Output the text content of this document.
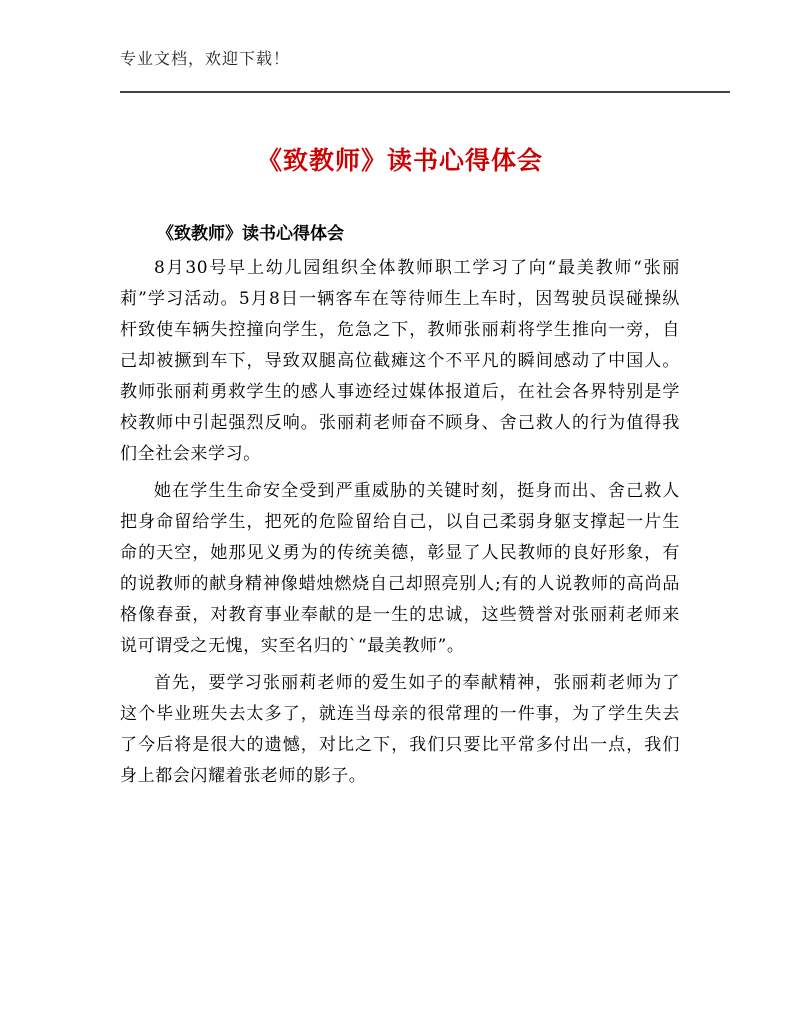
专业文档，欢迎下载！
《致教师》读书心得体会

《致教师》读书心得体会

8月30号早上幼儿园组织全体教师职工学习了向“最美教师“张丽莉”学习活动。5月8日一辆客车在等待师生上车时，因驾驶员误碰操纵杆致使车辆失控撞向学生，危急之下，教师张丽莉将学生推向一旁，自己却被撅到车下，导致双腿高位截瘫这个不平凡的瞬间感动了中国人。教师张丽莉勇救学生的感人事迹经过媒体报道后，在社会各界特别是学校教师中引起强烈反响。张丽莉老师奋不顾身、舍己救人的行为值得我们全社会来学习。

她在学生生命安全受到严重威胁的关键时刻，挺身而出、舍己救人把身命留给学生，把死的危险留给自己，以自己柔弱身躯支撑起一片生命的天空，她那见义勇为的传统美德，彰显了人民教师的良好形象，有的说教师的献身精神像蜡烛燃烧自己却照亮别人;有的人说教师的高尚品格像春蚕，对教育事业奉献的是一生的忠诚，这些赞誉对张丽莉老师来说可谓受之无愧，实至名归的`“最美教师”。

首先，要学习张丽莉老师的爱生如子的奉献精神，张丽莉老师为了这个毕业班失去太多了，就连当母亲的很常理的一件事，为了学生失去了今后将是很大的遗憾，对比之下，我们只要比平常多付出一点，我们身上都会闪耀着张老师的影子。
